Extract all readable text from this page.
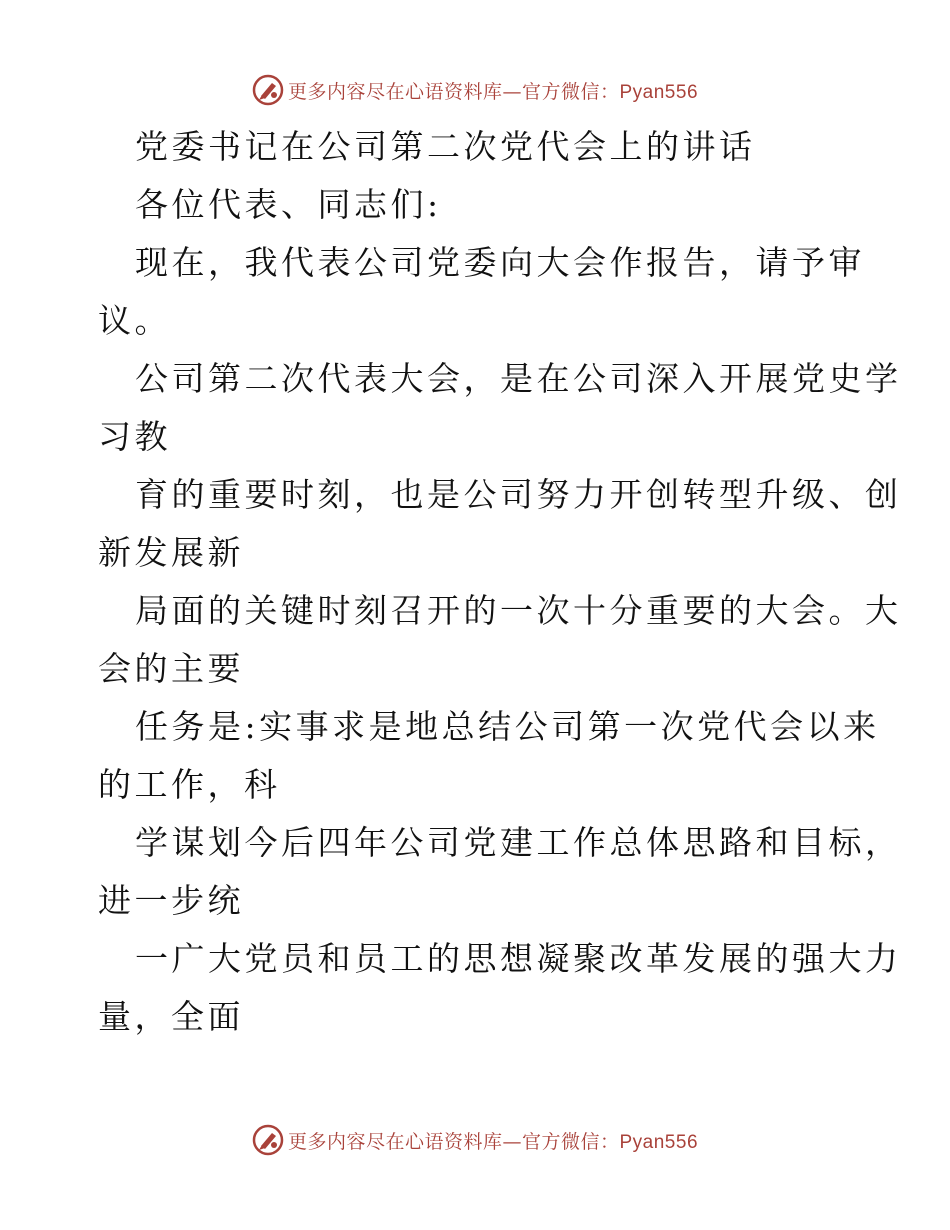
更多内容尽在心语资料库—官方微信：Pyan556
党委书记在公司第二次党代会上的讲话
各位代表、同志们:
现在，我代表公司党委向大会作报告，请予审
议。
公司第二次代表大会，是在公司深入开展党史学
习教
育的重要时刻，也是公司努力开创转型升级、创
新发展新
局面的关键时刻召开的一次十分重要的大会。大
会的主要
任务是:实事求是地总结公司第一次党代会以来
的工作，科
学谋划今后四年公司党建工作总体思路和目标，
进一步统
一广大党员和员工的思想凝聚改革发展的强大力
量，全面
更多内容尽在心语资料库—官方微信：Pyan556
